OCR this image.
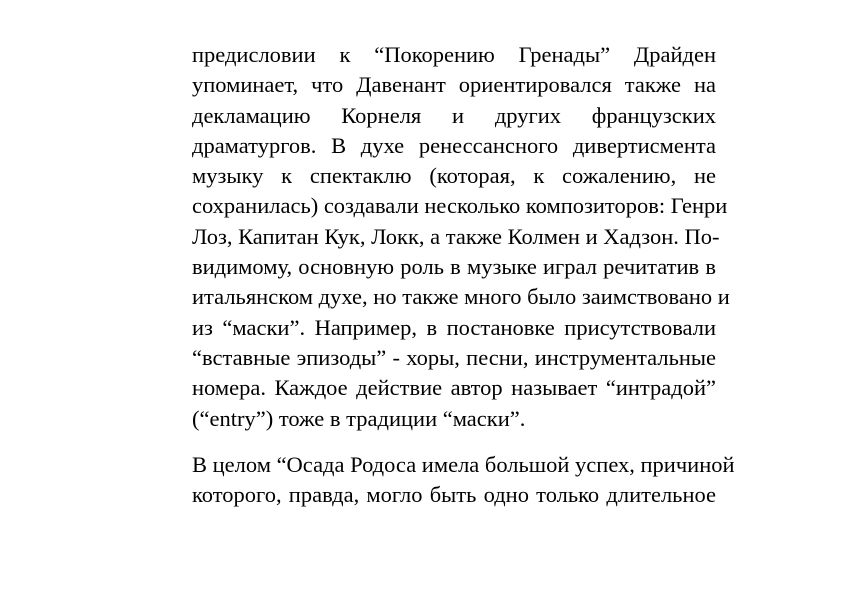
предисловии к “Покорению Гренады” Драйден
упоминает, что Давенант ориентировался также на
декламацию Корнеля и других французских
драматургов. В духе ренессансного дивертисмента
музыку к спектаклю (которая, к сожалению, не
сохранилась) создавали несколько композиторов: Генри
Лоз, Капитан Кук, Локк, а также Колмен и Хадзон. По-
видимому, основную роль в музыке играл речитатив в
итальянском духе, но также много было заимствовано и
из “маски”. Например, в постановке присутствовали
“вставные эпизоды” - хоры, песни, инструментальные
номера. Каждое действие автор называет “интрадой”
(“entry”) тоже в традиции “маски”.
В целом “Осада Родоса имела большой успех, причиной
которого, правда, могло быть одно только длительное
